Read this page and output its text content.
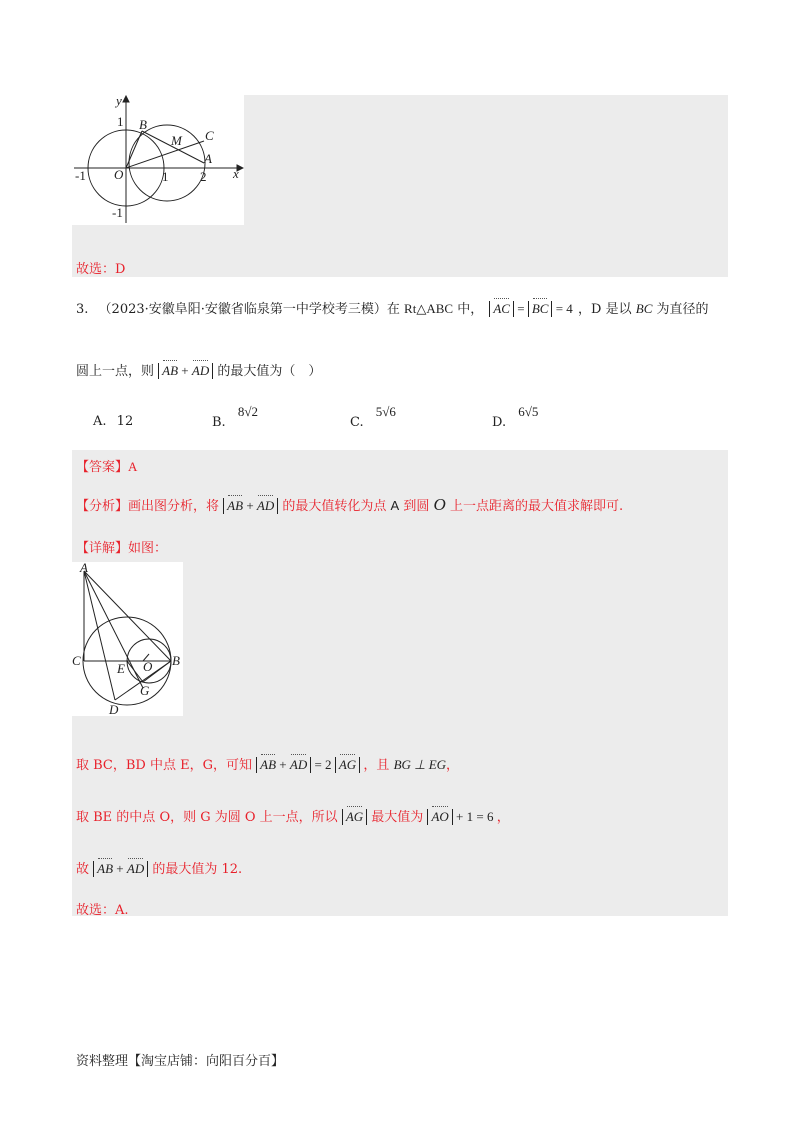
y
x
1
-1 O	1 2
-1
B
M C
A
故选：D
3. （2023·安徽阜阳·安徽省临泉第一中学校考三模）在 Rt△ABC 中， AC = BC = 4 ，D 是以 BC 为直径的
圆上一点，则 AB + AD 的最大值为（　）
A. 12	B. 8√2
C. 5√6
D. 6√5
【答案】A
【分析】画出图分析，将 AB + AD 的最大值转化为点 A 到圆 O 上一点距离的最大值求解即可.
【详解】如图：
A
C
E O B
G
D
取 BC，BD 中点 E，G，可知 AB + AD = 2 AG ，且 BG ⊥ EG，
取 BE 的中点 O，则 G 为圆 O 上一点，所以 AG 最大值为 AO + 1 = 6 ，
故 AB + AD 的最大值为 12.
故选：A.
资料整理【淘宝店铺：向阳百分百】
